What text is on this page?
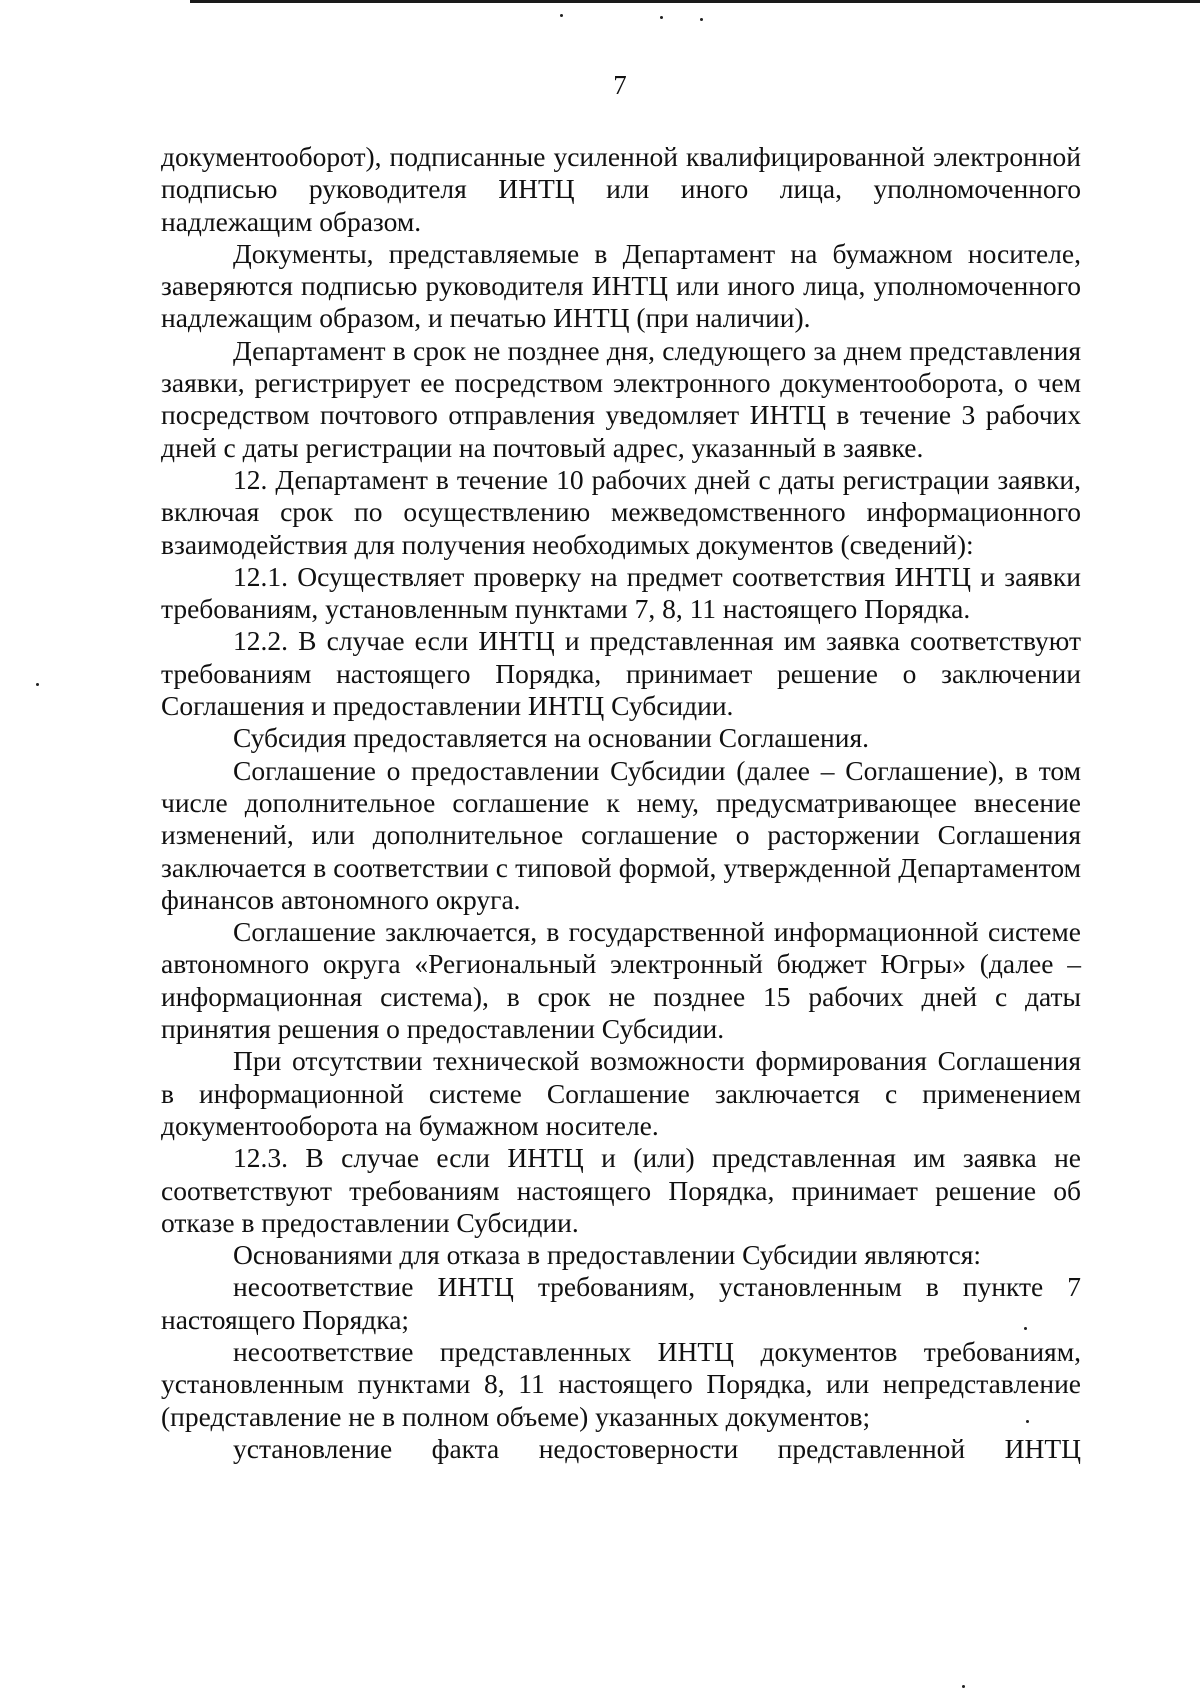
7

документооборот), подписанные усиленной квалифицированной электронной подписью руководителя ИНТЦ или иного лица, уполномоченного надлежащим образом.

Документы, представляемые в Департамент на бумажном носителе, заверяются подписью руководителя ИНТЦ или иного лица, уполномоченного надлежащим образом, и печатью ИНТЦ (при наличии).

Департамент в срок не позднее дня, следующего за днем представления заявки, регистрирует ее посредством электронного документооборота, о чем посредством почтового отправления уведомляет ИНТЦ в течение 3 рабочих дней с даты регистрации на почтовый адрес, указанный в заявке.

12. Департамент в течение 10 рабочих дней с даты регистрации заявки, включая срок по осуществлению межведомственного информационного взаимодействия для получения необходимых документов (сведений):

12.1. Осуществляет проверку на предмет соответствия ИНТЦ и заявки требованиям, установленным пунктами 7, 8, 11 настоящего Порядка.

12.2. В случае если ИНТЦ и представленная им заявка соответствуют требованиям настоящего Порядка, принимает решение о заключении Соглашения и предоставлении ИНТЦ Субсидии.

Субсидия предоставляется на основании Соглашения.

Соглашение о предоставлении Субсидии (далее – Соглашение), в том числе дополнительное соглашение к нему, предусматривающее внесение изменений, или дополнительное соглашение о расторжении Соглашения заключается в соответствии с типовой формой, утвержденной Департаментом финансов автономного округа.

Соглашение заключается, в государственной информационной системе автономного округа «Региональный электронный бюджет Югры» (далее – информационная система), в срок не позднее 15 рабочих дней с даты принятия решения о предоставлении Субсидии.

При отсутствии технической возможности формирования Соглашения в информационной системе Соглашение заключается с применением документооборота на бумажном носителе.

12.3. В случае если ИНТЦ и (или) представленная им заявка не соответствуют требованиям настоящего Порядка, принимает решение об отказе в предоставлении Субсидии.

Основаниями для отказа в предоставлении Субсидии являются:

несоответствие ИНТЦ требованиям, установленным в пункте 7 настоящего Порядка;

несоответствие представленных ИНТЦ документов требованиям, установленным пунктами 8, 11 настоящего Порядка, или непредставление (представление не в полном объеме) указанных документов;

установление факта недостоверности представленной ИНТЦ
